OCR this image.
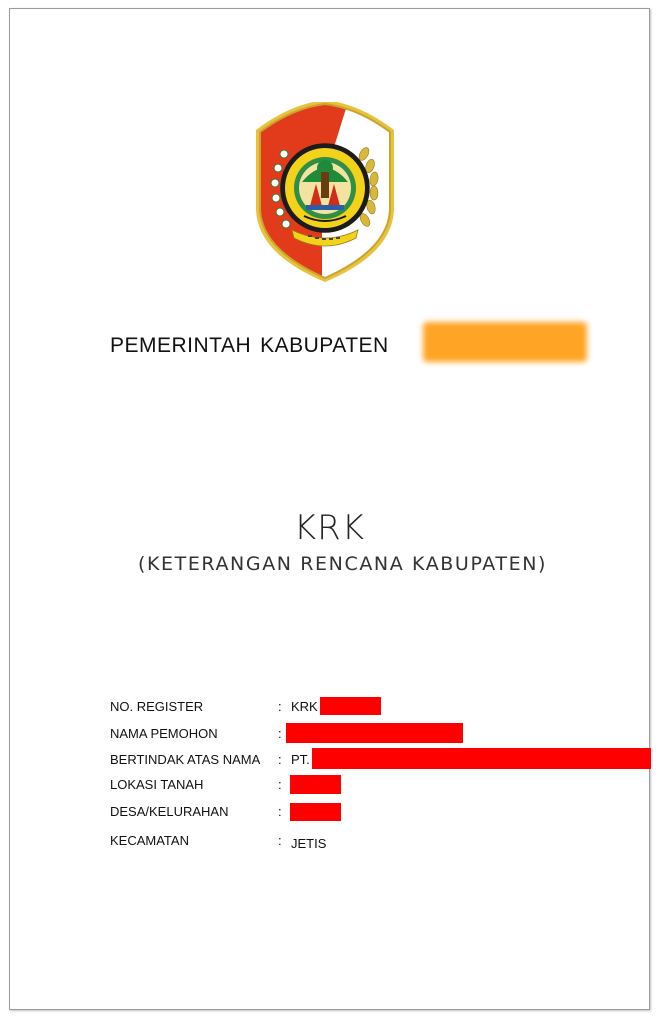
PEMERINTAH KABUPATEN
KRK
(KETERANGAN RENCANA KABUPATEN)
NO. REGISTER	: KRK
NAMA PEMOHON	:
BERTINDAK ATAS NAMA : PT.
LOKASI TANAH	:
DESA/KELURAHAN	:
KECAMATAN	: JETIS
